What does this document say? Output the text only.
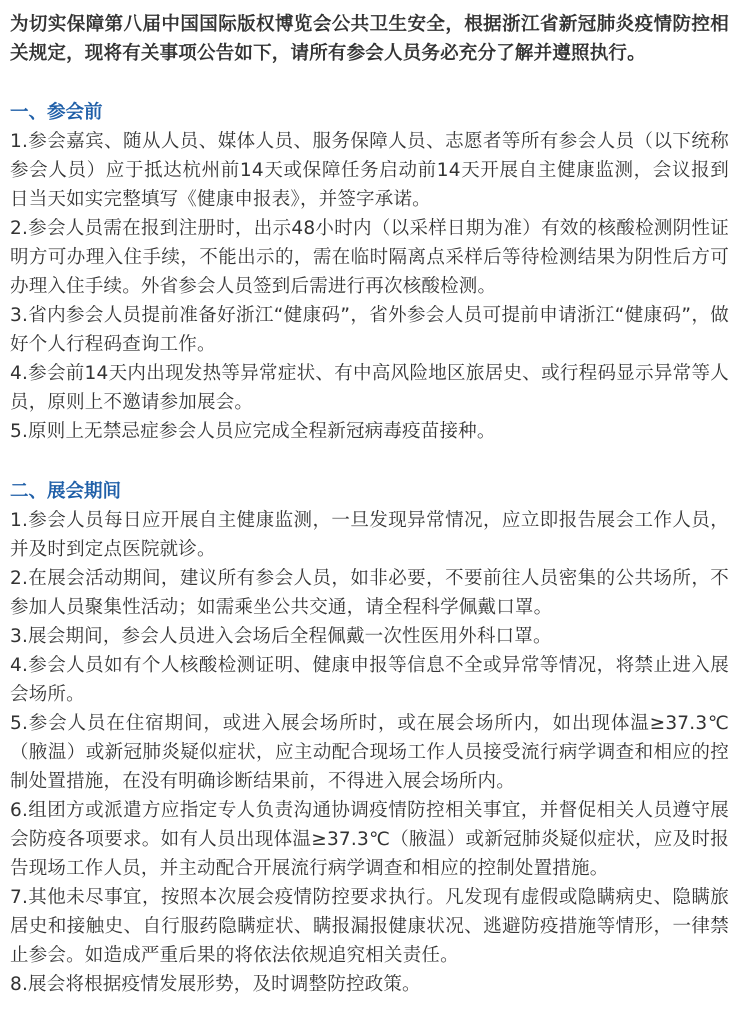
为切实保障第八届中国国际版权博览会公共卫生安全，根据浙江省新冠肺炎疫情防控相关规定，现将有关事项公告如下，请所有参会人员务必充分了解并遵照执行。

一、参会前

1.参会嘉宾、随从人员、媒体人员、服务保障人员、志愿者等所有参会人员（以下统称参会人员）应于抵达杭州前14天或保障任务启动前14天开展自主健康监测，会议报到日当天如实完整填写《健康申报表》，并签字承诺。

2.参会人员需在报到注册时，出示48小时内（以采样日期为准）有效的核酸检测阴性证明方可办理入住手续，不能出示的，需在临时隔离点采样后等待检测结果为阴性后方可办理入住手续。外省参会人员签到后需进行再次核酸检测。

3.省内参会人员提前准备好浙江“健康码”，省外参会人员可提前申请浙江“健康码”，做好个人行程码查询工作。

4.参会前14天内出现发热等异常症状、有中高风险地区旅居史、或行程码显示异常等人员，原则上不邀请参加展会。

5.原则上无禁忌症参会人员应完成全程新冠病毒疫苗接种。

二、展会期间

1.参会人员每日应开展自主健康监测，一旦发现异常情况，应立即报告展会工作人员，并及时到定点医院就诊。

2.在展会活动期间，建议所有参会人员，如非必要，不要前往人员密集的公共场所，不参加人员聚集性活动；如需乘坐公共交通，请全程科学佩戴口罩。

3.展会期间，参会人员进入会场后全程佩戴一次性医用外科口罩。

4.参会人员如有个人核酸检测证明、健康申报等信息不全或异常等情况，将禁止进入展会场所。

5.参会人员在住宿期间，或进入展会场所时，或在展会场所内，如出现体温≥37.3℃（腋温）或新冠肺炎疑似症状，应主动配合现场工作人员接受流行病学调查和相应的控制处置措施，在没有明确诊断结果前，不得进入展会场所内。

6.组团方或派遣方应指定专人负责沟通协调疫情防控相关事宜，并督促相关人员遵守展会防疫各项要求。如有人员出现体温≥37.3℃（腋温）或新冠肺炎疑似症状，应及时报告现场工作人员，并主动配合开展流行病学调查和相应的控制处置措施。

7.其他未尽事宜，按照本次展会疫情防控要求执行。凡发现有虚假或隐瞒病史、隐瞒旅居史和接触史、自行服药隐瞒症状、瞒报漏报健康状况、逃避防疫措施等情形，一律禁止参会。如造成严重后果的将依法依规追究相关责任。

8.展会将根据疫情发展形势，及时调整防控政策。
